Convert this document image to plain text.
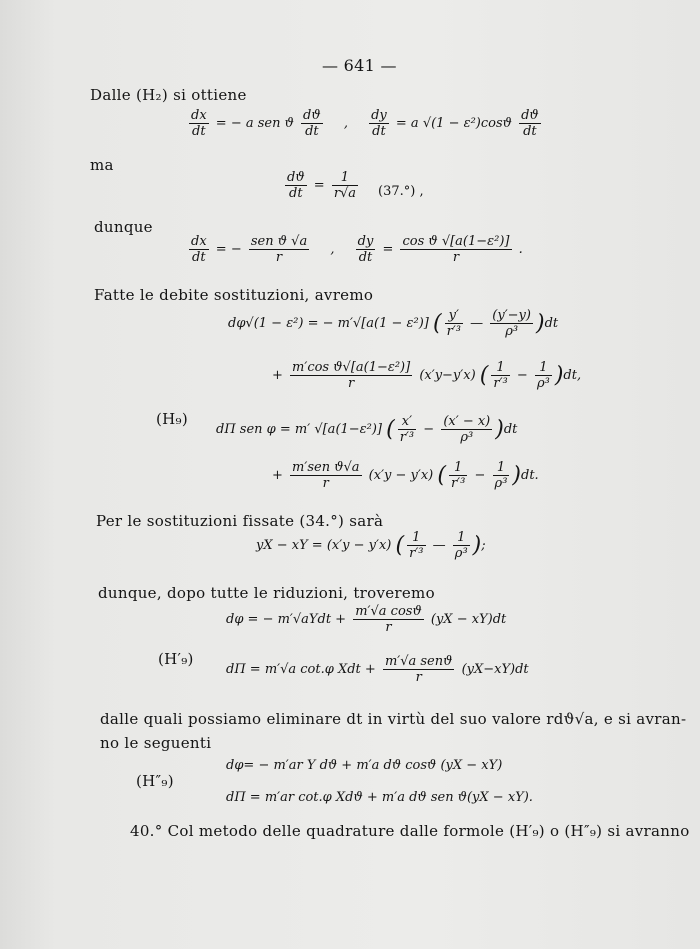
— 641 —
Dalle (H₂) si ottiene
$\frac{dx}{dt}$ = − a sen ϑ $\frac{dϑ}{dt}$ , $\frac{dy}{dt} = a$ $√(1 - \varepsilon^2)\cos ϑ \frac{dϑ}{dt}$
ma
$\frac{dϑ}{dt} = \frac{1}{r√a} (37.^\circ)$ ,
dunque
$\frac{dx}{dt}$ = − $\frac{\text{sen ϑ √a}}{r}$ , $\frac{dy}{dt} = \frac{\text{cos ϑ √[a(1−ε²)]}}{r}$ .
Fatte le debite sostituzioni, avremo
dφ√(1 − ε²) = − m′√[a(1 − ε²)] ( $\frac{y'}{\text{r′³}}$ — $\frac{(y'-y)}{\text{ρ³}} )dt$
+ $\frac{\text{m′cos ϑ√[a(1−ε²)]}}{r} (x'y-y'x)$ ( $\frac{1}{\text{r′³}} - \frac{1}{\text{ρ³}} )dt$,
(H₉)
dΠ sen φ = m′ √[a(1−ε²)] ( $\frac{x'}{\text{r′³}} - \frac{(x' - x)}{\text{ρ³}} )dt$
+ $\frac{\text{m′sen ϑ√a}}{r} (x'y - y'x)$ ( $\frac{1}{\text{r′³}} - \frac{1}{\text{ρ³}} )dt$.
Per le sostituzioni fissate (34.°) sarà
yX − xY = (x′y − y′x) ( $\frac{1}{\text{r′³}}$ — $\frac{1}{\text{ρ³}}$ );
dunque, dopo tutte le riduzioni, troveremo
dφ = − m′√aYdt + $\frac{\text{m′√a cosϑ}}{r} (yX - xY)dt$
(H′₉)
dΠ = m′√a cot.φ Xdt + $\frac{\text{m′√a senϑ}}{r} (yX-xY)dt$
dalle quali possiamo eliminare dt in virtù del suo valore rdϑ√a, e si avran-
no le seguenti
(H″₉)
dφ= − m′ar Y dϑ + m′a dϑ cosϑ (yX − xY)
dΠ = m′ar cot.φ Xdϑ + m′a dϑ sen ϑ(yX − xY).
40.° Col metodo delle quadrature dalle formole (H′₉) o (H″₉) si avranno
